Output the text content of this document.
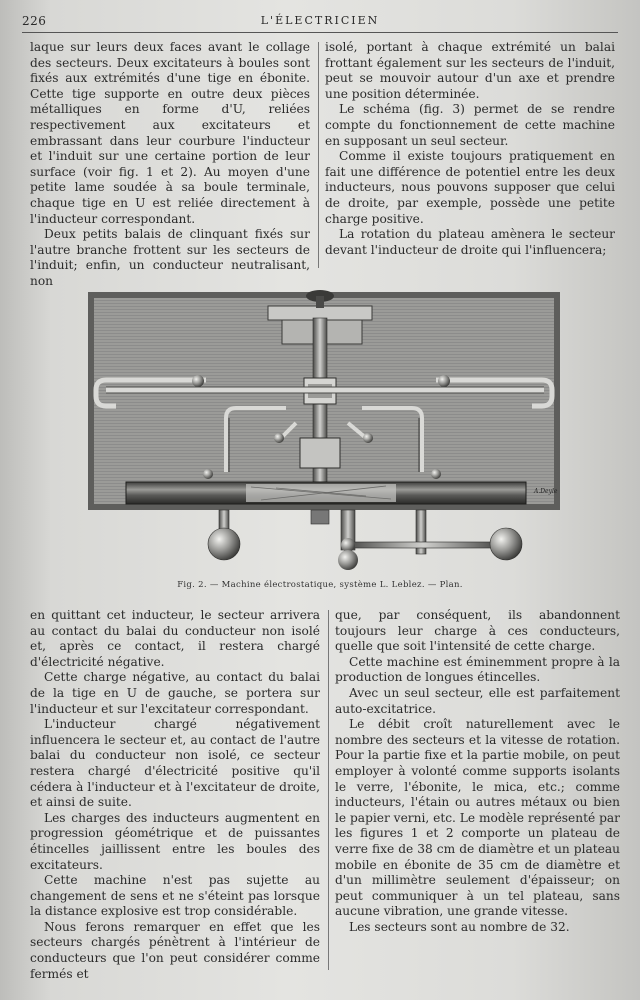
226	L'ÉLECTRICIEN

laque sur leurs deux faces avant le collage des secteurs. Deux excitateurs à boules sont fixés aux extrémités d'une tige en ébonite. Cette tige supporte en outre deux pièces métalliques en forme d'U, reliées respectivement aux excitateurs et embrassant dans leur courbure l'inducteur et l'induit sur une certaine portion de leur surface (voir fig. 1 et 2). Au moyen d'une petite lame soudée à sa boule terminale, chaque tige en U est reliée directement à l'inducteur correspondant.

Deux petits balais de clinquant fixés sur l'autre branche frottent sur les secteurs de l'induit; enfin, un conducteur neutralisant, non

isolé, portant à chaque extrémité un balai frottant également sur les secteurs de l'induit, peut se mouvoir autour d'un axe et prendre une position déterminée.

Le schéma (fig. 3) permet de se rendre compte du fonctionnement de cette machine en supposant un seul secteur.

Comme il existe toujours pratiquement en fait une différence de potentiel entre les deux inducteurs, nous pouvons supposer que celui de droite, par exemple, possède une petite charge positive.

La rotation du plateau amènera le secteur devant l'inducteur de droite qui l'influencera;

A.Deyle
Fig. 2. — Machine électrostatique, système L. Leblez. — Plan.

en quittant cet inducteur, le secteur arrivera au contact du balai du conducteur non isolé et, après ce contact, il restera chargé d'électricité négative.

Cette charge négative, au contact du balai de la tige en U de gauche, se portera sur l'inducteur et sur l'excitateur correspondant.

L'inducteur chargé négativement influencera le secteur et, au contact de l'autre balai du conducteur non isolé, ce secteur restera chargé d'électricité positive qu'il cédera à l'inducteur et à l'excitateur de droite, et ainsi de suite.

Les charges des inducteurs augmentent en progression géométrique et de puissantes étincelles jaillissent entre les boules des excitateurs.

Cette machine n'est pas sujette au changement de sens et ne s'éteint pas lorsque la distance explosive est trop considérable.

Nous ferons remarquer en effet que les secteurs chargés pénètrent à l'intérieur de conducteurs que l'on peut considérer comme fermés et

que, par conséquent, ils abandonnent toujours leur charge à ces conducteurs, quelle que soit l'intensité de cette charge.

Cette machine est éminemment propre à la production de longues étincelles.

Avec un seul secteur, elle est parfaitement auto-excitatrice.

Le débit croît naturellement avec le nombre des secteurs et la vitesse de rotation. Pour la partie fixe et la partie mobile, on peut employer à volonté comme supports isolants le verre, l'ébonite, le mica, etc.; comme inducteurs, l'étain ou autres métaux ou bien le papier verni, etc. Le modèle représenté par les figures 1 et 2 comporte un plateau de verre fixe de 38 cm de diamètre et un plateau mobile en ébonite de 35 cm de diamètre et d'un millimètre seulement d'épaisseur; on peut communiquer à un tel plateau, sans aucune vibration, une grande vitesse.

Les secteurs sont au nombre de 32.
